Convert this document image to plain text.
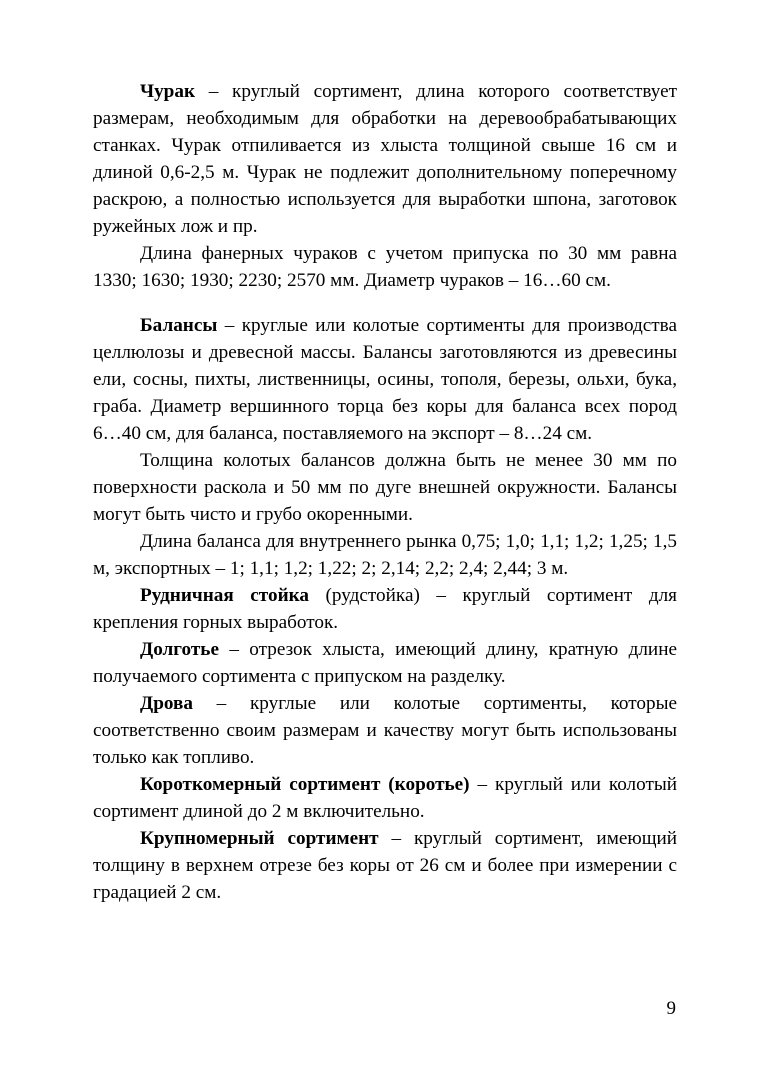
Чурак – круглый сортимент, длина которого соответствует размерам, необходимым для обработки на деревообрабатывающих станках. Чурак отпиливается из хлыста толщиной свыше 16 см и длиной 0,6-2,5 м. Чурак не подлежит дополнительному поперечному раскрою, а полностью используется для выработки шпона, заготовок ружейных лож и пр.

Длина фанерных чураков с учетом припуска по 30 мм равна 1330; 1630; 1930; 2230; 2570 мм. Диаметр чураков – 16…60 см.

Балансы – круглые или колотые сортименты для производства целлюлозы и древесной массы. Балансы заготовляются из древесины ели, сосны, пихты, лиственницы, осины, тополя, березы, ольхи, бука, граба. Диаметр вершинного торца без коры для баланса всех пород 6…40 см, для баланса, поставляемого на экспорт – 8…24 см.

Толщина колотых балансов должна быть не менее 30 мм по поверхности раскола и 50 мм по дуге внешней окружности. Балансы могут быть чисто и грубо окоренными.

Длина баланса для внутреннего рынка 0,75; 1,0; 1,1; 1,2; 1,25; 1,5 м, экспортных – 1; 1,1; 1,2; 1,22; 2; 2,14; 2,2; 2,4; 2,44; 3 м.

Рудничная стойка (рудстойка) – круглый сортимент для крепления горных выработок.

Долготье – отрезок хлыста, имеющий длину, кратную длине получаемого сортимента с припуском на разделку.

Дрова – круглые или колотые сортименты, которые соответственно своим размерам и качеству могут быть использованы только как топливо.

Короткомерный сортимент (коротье) – круглый или колотый сортимент длиной до 2 м включительно.

Крупномерный сортимент – круглый сортимент, имеющий толщину в верхнем отрезе без коры от 26 см и более при измерении с градацией 2 см.

9
